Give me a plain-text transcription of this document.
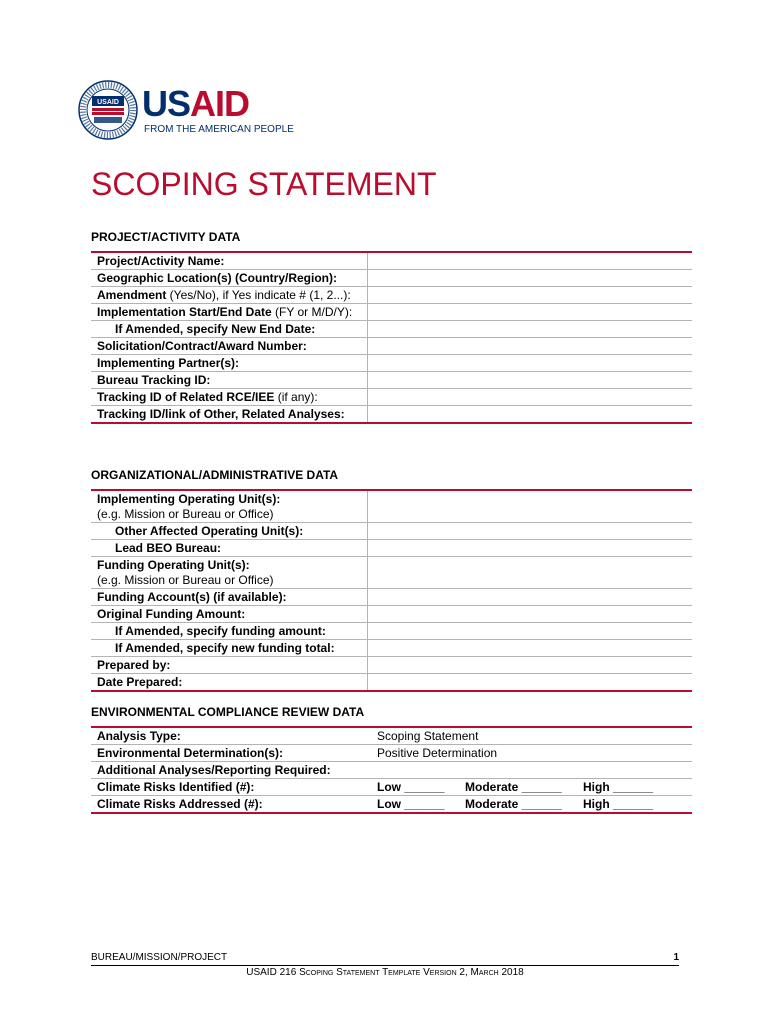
USAID USAID
FROM THE AMERICAN PEOPLE
SCOPING STATEMENT
PROJECT/ACTIVITY DATA
Project/Activity Name:	
Geographic Location(s) (Country/Region):	
Amendment (Yes/No), if Yes indicate # (1, 2...):	
Implementation Start/End Date (FY or M/D/Y):	
If Amended, specify New End Date:	
Solicitation/Contract/Award Number:	
Implementing Partner(s):	
Bureau Tracking ID:	
Tracking ID of Related RCE/IEE (if any):	
Tracking ID/link of Other, Related Analyses:	
ORGANIZATIONAL/ADMINISTRATIVE DATA
Implementing Operating Unit(s):
(e.g. Mission or Bureau or Office)	
Other Affected Operating Unit(s):	
Lead BEO Bureau:	
Funding Operating Unit(s):
(e.g. Mission or Bureau or Office)	
Funding Account(s) (if available):	
Original Funding Amount:	
If Amended, specify funding amount:	
If Amended, specify new funding total:	
Prepared by:	
Date Prepared:	
ENVIRONMENTAL COMPLIANCE REVIEW DATA
Analysis Type:	Scoping Statement
Environmental Determination(s):	Positive Determination
Additional Analyses/Reporting Required:	
Climate Risks Identified (#):	Low ______ Moderate ______ High ______

Climate Risks Addressed (#):	Low ______ Moderate ______ High ______
BUREAU/MISSION/PROJECT	1
USAID 216 Scoping Statement Template Version 2, March 2018
